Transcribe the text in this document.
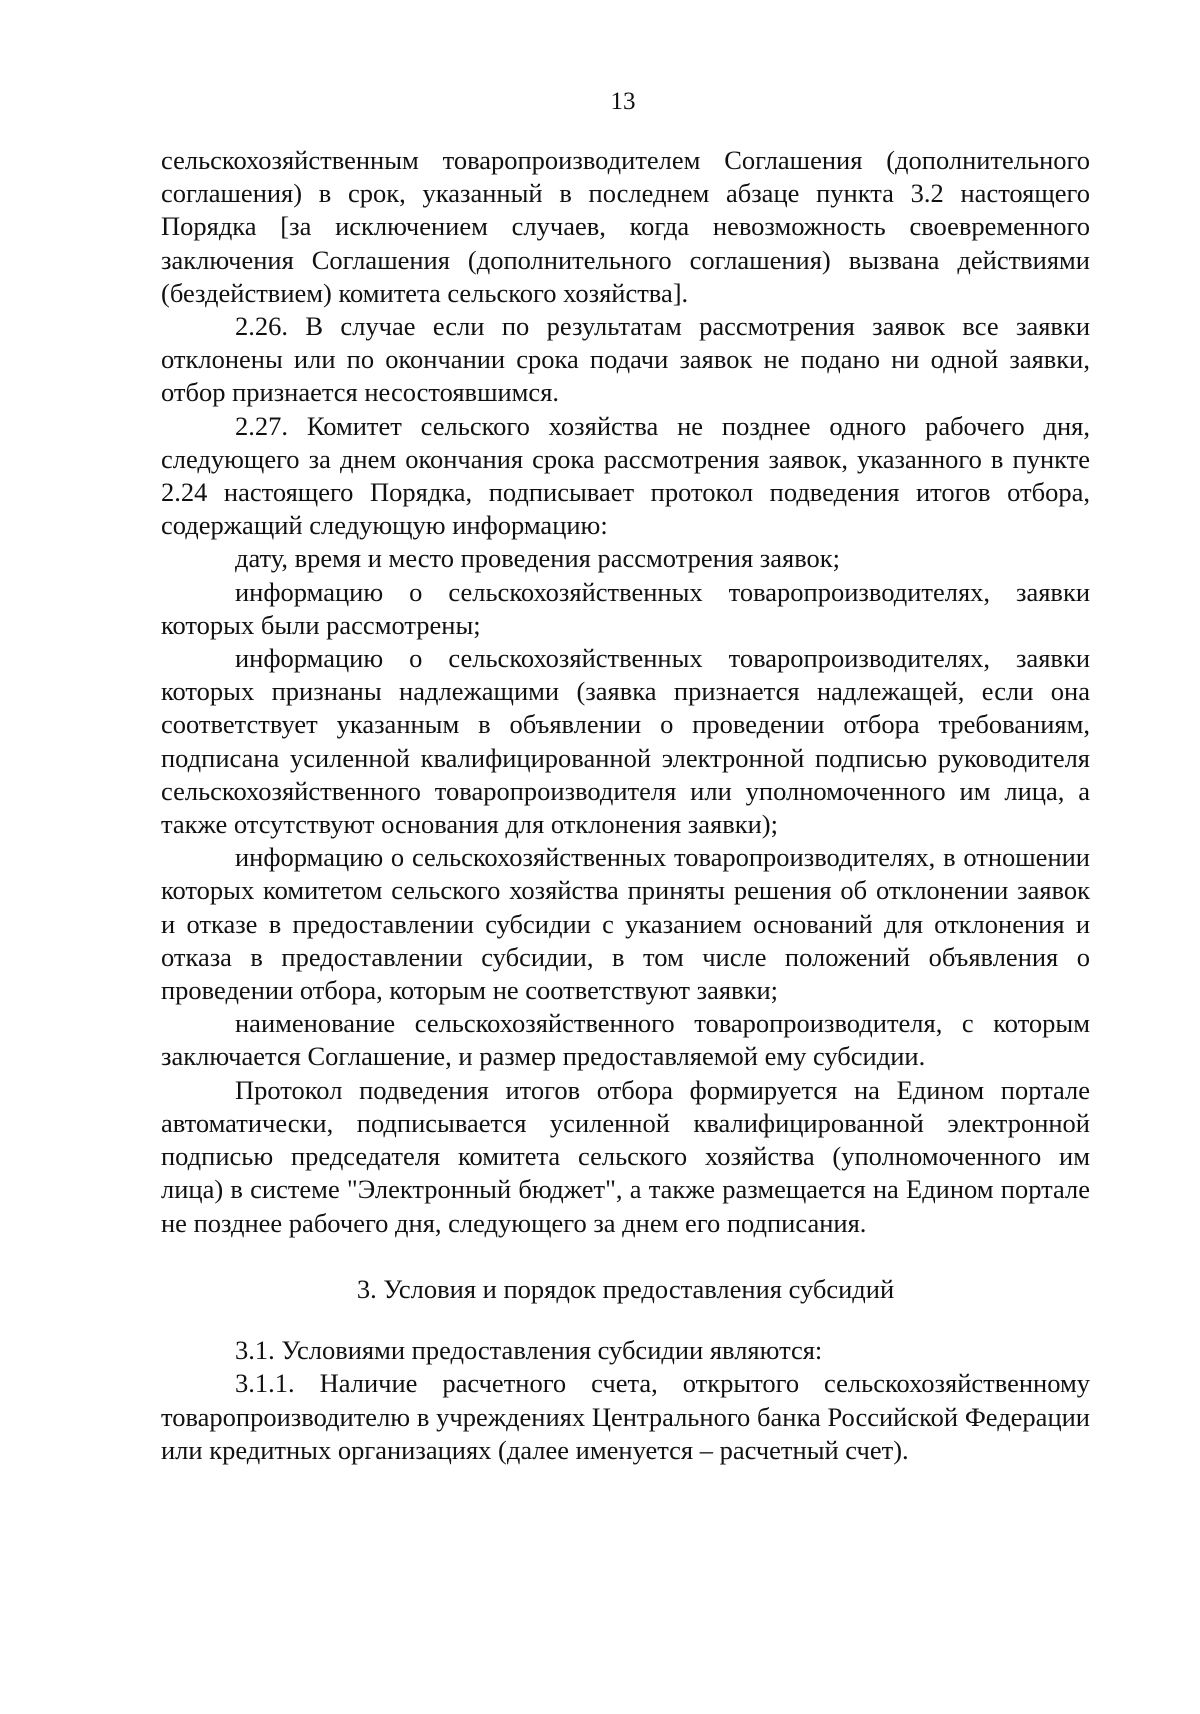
13

сельскохозяйственным товаропроизводителем Соглашения (дополнительного соглашения) в срок, указанный в последнем абзаце пункта 3.2 настоящего Порядка [за исключением случаев, когда невозможность своевременного заключения Соглашения (дополнительного соглашения) вызвана действиями (бездействием) комитета сельского хозяйства].

2.26. В случае если по результатам рассмотрения заявок все заявки отклонены или по окончании срока подачи заявок не подано ни одной заявки, отбор признается несостоявшимся.

2.27. Комитет сельского хозяйства не позднее одного рабочего дня, следующего за днем окончания срока рассмотрения заявок, указанного в пункте 2.24 настоящего Порядка, подписывает протокол подведения итогов отбора, содержащий следующую информацию:

дату, время и место проведения рассмотрения заявок;

информацию о сельскохозяйственных товаропроизводителях, заявки которых были рассмотрены;

информацию о сельскохозяйственных товаропроизводителях, заявки которых признаны надлежащими (заявка признается надлежащей, если она соответствует указанным в объявлении о проведении отбора требованиям, подписана усиленной квалифицированной электронной подписью руководителя сельскохозяйственного товаропроизводителя или уполномоченного им лица, а также отсутствуют основания для отклонения заявки);

информацию о сельскохозяйственных товаропроизводителях, в отношении которых комитетом сельского хозяйства приняты решения об отклонении заявок и отказе в предоставлении субсидии с указанием оснований для отклонения и отказа в предоставлении субсидии, в том числе положений объявления о проведении отбора, которым не соответствуют заявки;

наименование сельскохозяйственного товаропроизводителя, с которым заключается Соглашение, и размер предоставляемой ему субсидии.

Протокол подведения итогов отбора формируется на Едином портале автоматически, подписывается усиленной квалифицированной электронной подписью председателя комитета сельского хозяйства (уполномоченного им лица) в системе "Электронный бюджет", а также размещается на Едином портале не позднее рабочего дня, следующего за днем его подписания.

3. Условия и порядок предоставления субсидий

3.1. Условиями предоставления субсидии являются:

3.1.1. Наличие расчетного счета, открытого сельскохозяйственному товаропроизводителю в учреждениях Центрального банка Российской Федерации или кредитных организациях (далее именуется – расчетный счет).
